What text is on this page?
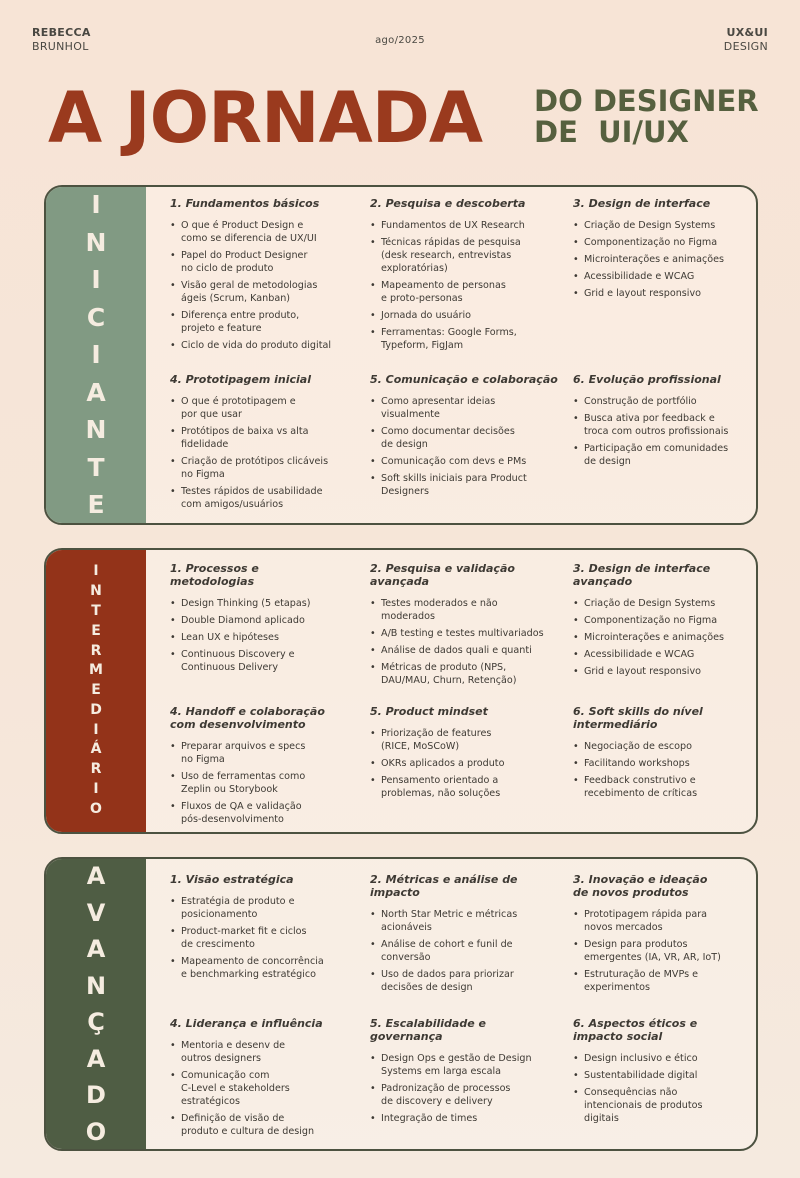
REBECCA
BRUNHOL	ago/2025
UX&UI
DESIGN
A JORNADA DO DESIGNER
DE  UI/UX
I
N
I
C
I
A
N
T
E
1. Fundamentos básicos
• O que é Product Design e
como se diferencia de UX/UI
• Papel do Product Designer
no ciclo de produto
• Visão geral de metodologias
ágeis (Scrum, Kanban)
• Diferença entre produto,
projeto e feature
• Ciclo de vida do produto digital
2. Pesquisa e descoberta
• Fundamentos de UX Research
• Técnicas rápidas de pesquisa
(desk research, entrevistas
exploratórias)
• Mapeamento de personas
e proto-personas
• Jornada do usuário
• Ferramentas: Google Forms,
Typeform, FigJam
3. Design de interface
• Criação de Design Systems
• Componentização no Figma
• Microinterações e animações
• Acessibilidade e WCAG
• Grid e layout responsivo
4. Prototipagem inicial
• O que é prototipagem e
por que usar
• Protótipos de baixa vs alta
fidelidade
• Criação de protótipos clicáveis
no Figma
• Testes rápidos de usabilidade
com amigos/usuários
5. Comunicação e colaboração
• Como apresentar ideias
visualmente
• Como documentar decisões
de design
• Comunicação com devs e PMs
• Soft skills iniciais para Product
Designers
6. Evolução profissional
• Construção de portfólio
• Busca ativa por feedback e
troca com outros profissionais
• Participação em comunidades
de design
I
N
T
E
R
M
E
D
I
Á
R
I
O
1. Processos e metodologias
• Design Thinking (5 etapas)
• Double Diamond aplicado
• Lean UX e hipóteses
• Continuous Discovery e
Continuous Delivery
2. Pesquisa e validação avançada
• Testes moderados e não
moderados
• A/B testing e testes multivariados
• Análise de dados quali e quanti
• Métricas de produto (NPS,
DAU/MAU, Churn, Retenção)
3. Design de interface avançado
• Criação de Design Systems
• Componentização no Figma
• Microinterações e animações
• Acessibilidade e WCAG
• Grid e layout responsivo
4. Handoff e colaboração com desenvolvimento
• Preparar arquivos e specs
no Figma
• Uso de ferramentas como
Zeplin ou Storybook
• Fluxos de QA e validação
pós-desenvolvimento
5. Product mindset
• Priorização de features
(RICE, MoSCoW)
• OKRs aplicados a produto
• Pensamento orientado a
problemas, não soluções
6. Soft skills do nível intermediário
• Negociação de escopo
• Facilitando workshops
• Feedback construtivo e
recebimento de críticas
A
V
A
N
Ç
A
D
O
1. Visão estratégica
• Estratégia de produto e
posicionamento
• Product-market fit e ciclos
de crescimento
• Mapeamento de concorrência
e benchmarking estratégico
2. Métricas e análise de impacto
• North Star Metric e métricas
acionáveis
• Análise de cohort e funil de
conversão
• Uso de dados para priorizar
decisões de design
3. Inovação e ideação de novos produtos
• Prototipagem rápida para
novos mercados
• Design para produtos
emergentes (IA, VR, AR, IoT)
• Estruturação de MVPs e
experimentos
4. Liderança e influência
• Mentoria e desenv de
outros designers
• Comunicação com
C-Level e stakeholders
estratégicos
• Definição de visão de
produto e cultura de design
5. Escalabilidade e governança
• Design Ops e gestão de Design
Systems em larga escala
• Padronização de processos
de discovery e delivery
• Integração de times
6. Aspectos éticos e impacto social
• Design inclusivo e ético
• Sustentabilidade digital
• Consequências não
intencionais de produtos
digitais
